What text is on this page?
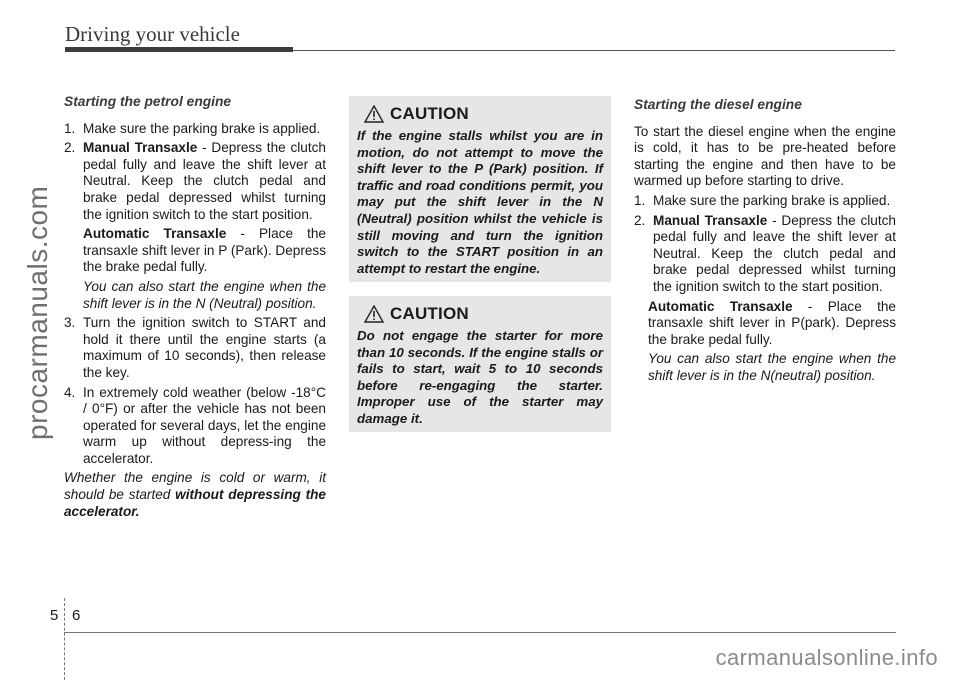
Driving your vehicle
procarmanuals.com

Starting the petrol engine

1. Make sure the parking brake is applied.
2. Manual Transaxle - Depress the clutch pedal fully and leave the shift lever at Neutral. Keep the clutch pedal and brake pedal depressed whilst turning the ignition switch to the start position.
Automatic Transaxle - Place the transaxle shift lever in P (Park). Depress the brake pedal fully.
You can also start the engine when the shift lever is in the N (Neutral) position.
3. Turn the ignition switch to START and hold it there until the engine starts (a maximum of 10 seconds), then release the key.
4. In extremely cold weather (below -18°C / 0°F) or after the vehicle has not been operated for several days, let the engine warm up without depress-ing the accelerator.

Whether the engine is cold or warm, it should be started without depressing the accelerator.

CAUTION
If the engine stalls whilst you are in motion, do not attempt to move the shift lever to the P (Park) position. If traffic and road conditions permit, you may put the shift lever in the N (Neutral) position whilst the vehicle is still moving and turn the ignition switch to the START position in an attempt to restart the engine.
CAUTION
Do not engage the starter for more than 10 seconds. If the engine stalls or fails to start, wait 5 to 10 seconds before re-engaging the starter. Improper use of the starter may damage it.

Starting the diesel engine

To start the diesel engine when the engine is cold, it has to be pre-heated before starting the engine and then have to be warmed up before starting to drive.

1. Make sure the parking brake is applied.
2. Manual Transaxle - Depress the clutch pedal fully and leave the shift lever at Neutral. Keep the clutch pedal and brake pedal depressed whilst turning the ignition switch to the start position.
Automatic Transaxle - Place the transaxle shift lever in P(park). Depress the brake pedal fully.
You can also start the engine when the shift lever is in the N(neutral) position.
5 6
carmanualsonline.info
